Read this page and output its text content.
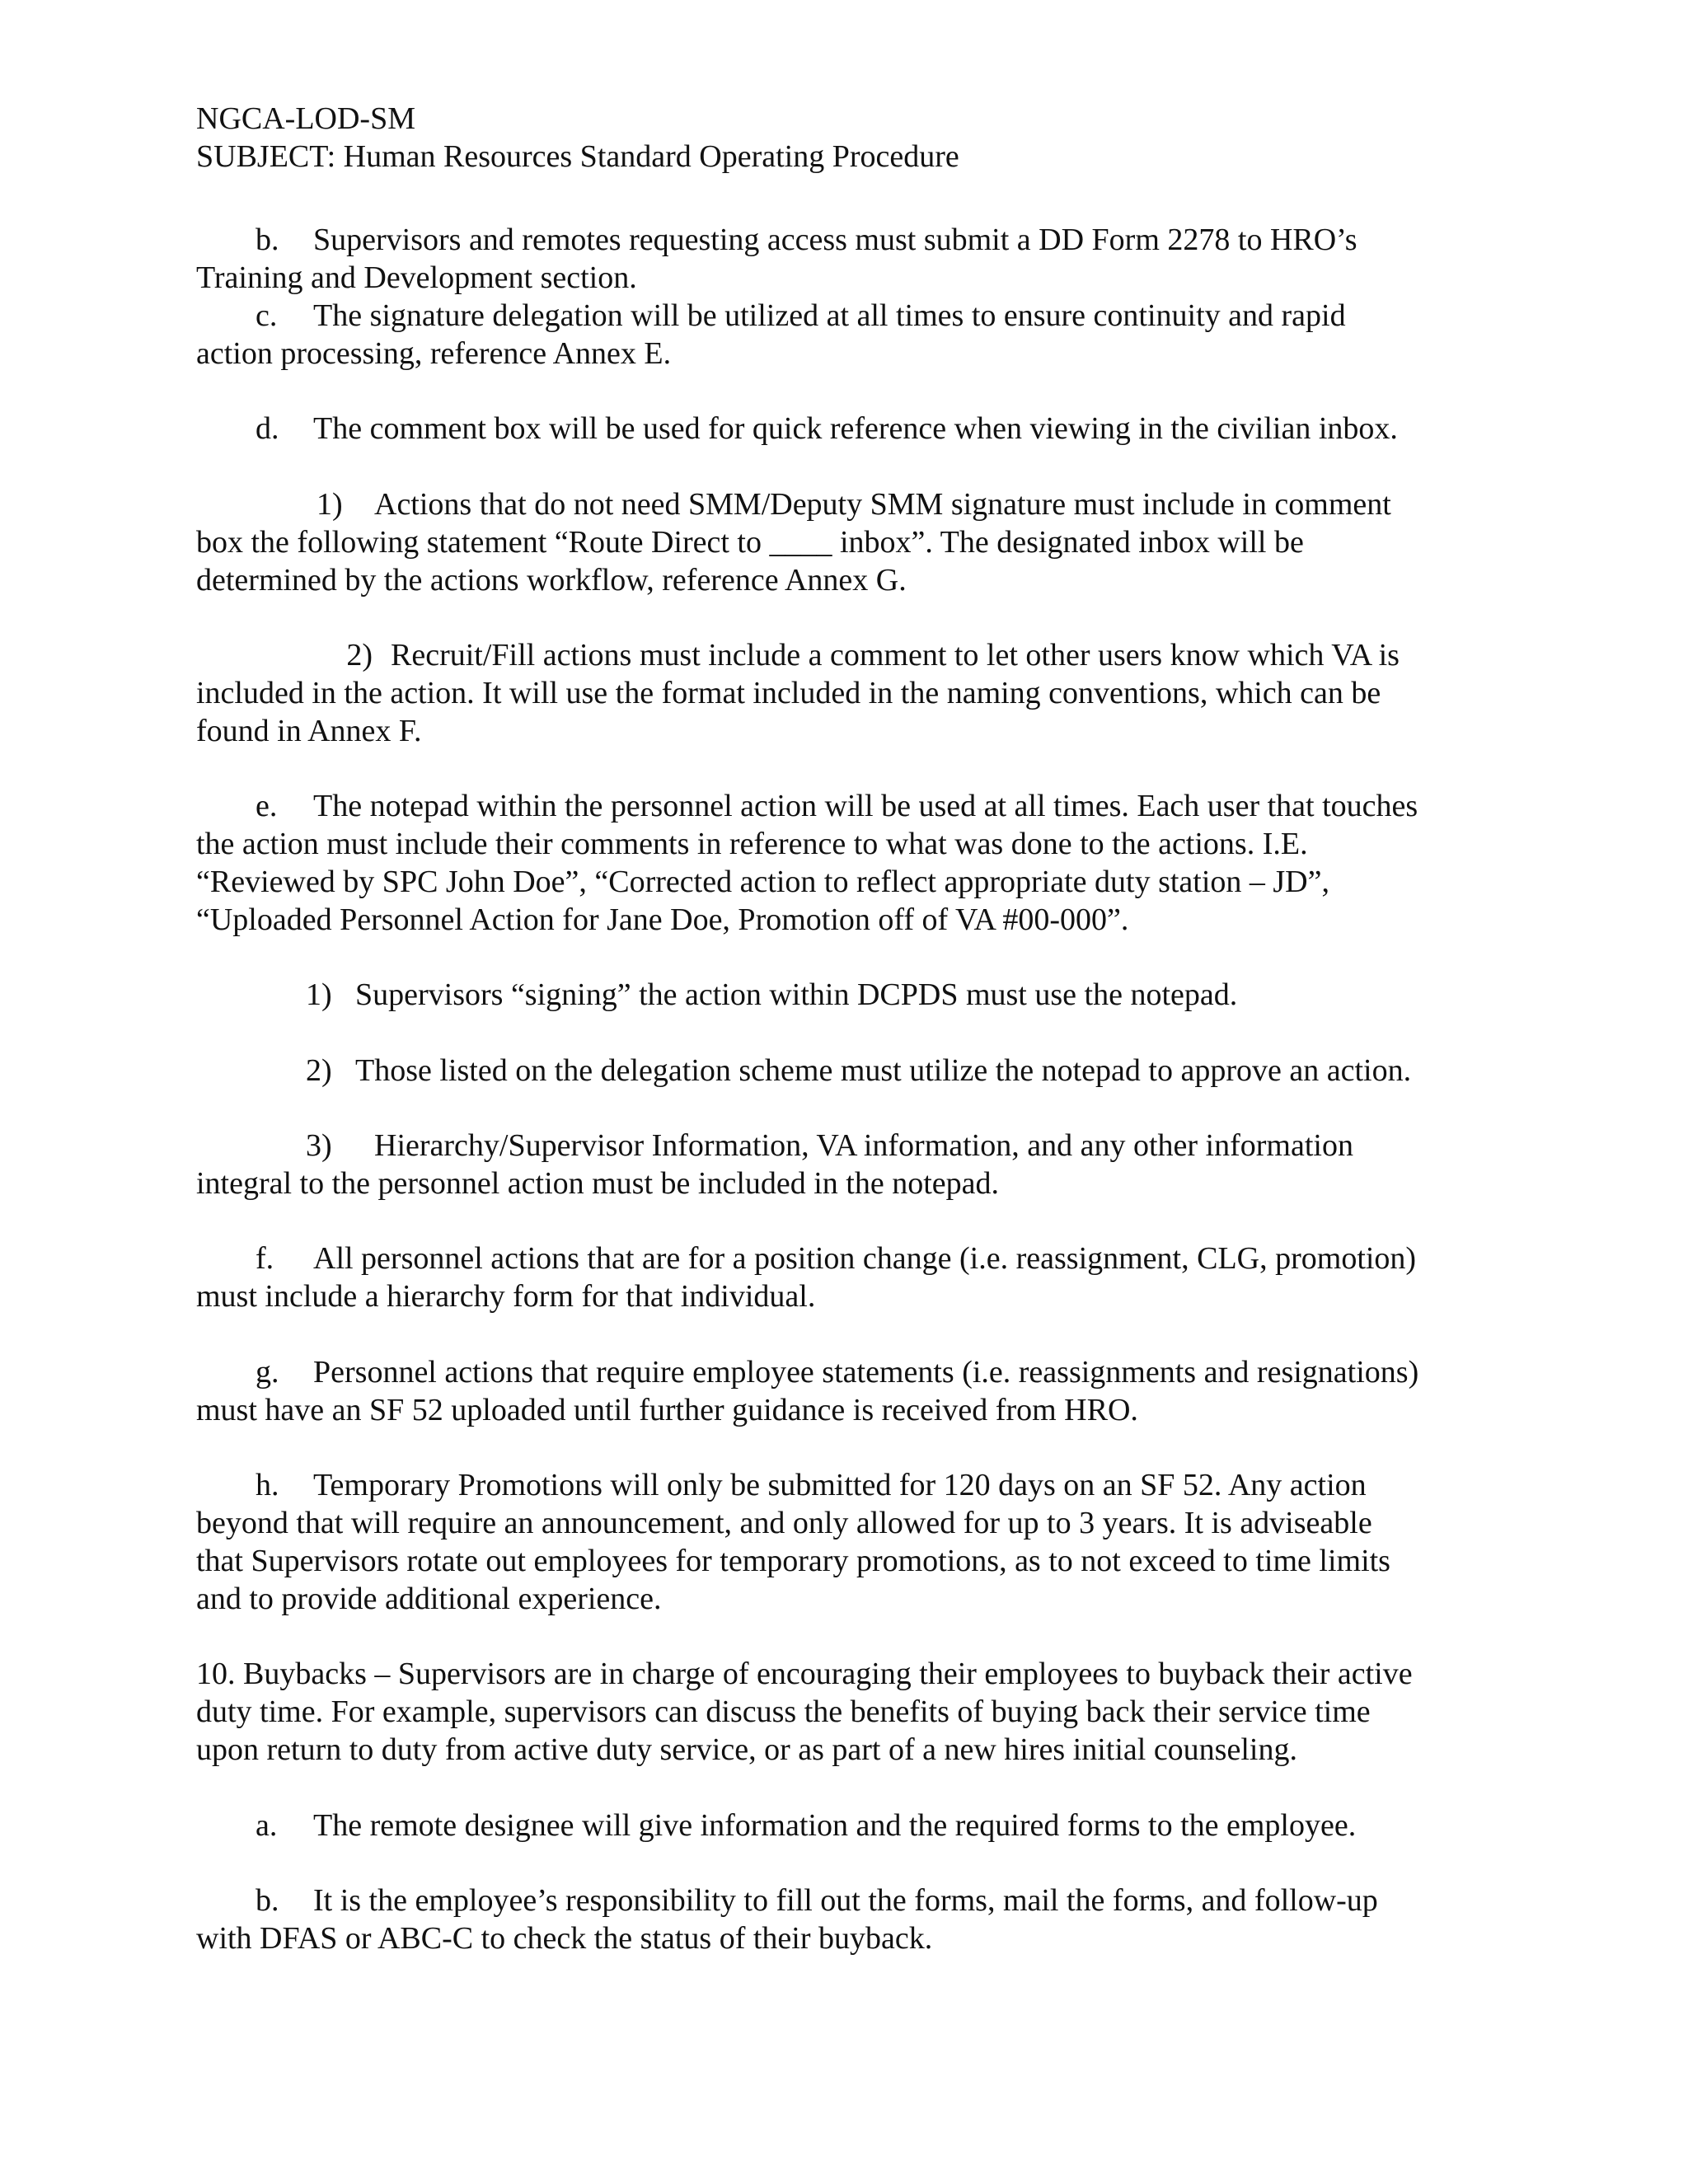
NGCA-LOD-SM

SUBJECT: Human Resources Standard Operating Procedure

b. Supervisors and remotes requesting access must submit a DD Form 2278 to HRO’s

Training and Development section.

c. The signature delegation will be utilized at all times to ensure continuity and rapid

action processing, reference Annex E.

d. The comment box will be used for quick reference when viewing in the civilian inbox.

1) Actions that do not need SMM/Deputy SMM signature must include in comment

box the following statement “Route Direct to ____ inbox”. The designated inbox will be

determined by the actions workflow, reference Annex G.

2) Recruit/Fill actions must include a comment to let other users know which VA is

included in the action. It will use the format included in the naming conventions, which can be

found in Annex F.

e. The notepad within the personnel action will be used at all times. Each user that touches

the action must include their comments in reference to what was done to the actions. I.E.

“Reviewed by SPC John Doe”, “Corrected action to reflect appropriate duty station – JD”,

“Uploaded Personnel Action for Jane Doe, Promotion off of VA #00-000”.

1) Supervisors “signing” the action within DCPDS must use the notepad.

2) Those listed on the delegation scheme must utilize the notepad to approve an action.

3) Hierarchy/Supervisor Information, VA information, and any other information

integral to the personnel action must be included in the notepad.

f. All personnel actions that are for a position change (i.e. reassignment, CLG, promotion)

must include a hierarchy form for that individual.

g. Personnel actions that require employee statements (i.e. reassignments and resignations)

must have an SF 52 uploaded until further guidance is received from HRO.

h. Temporary Promotions will only be submitted for 120 days on an SF 52. Any action

beyond that will require an announcement, and only allowed for up to 3 years. It is adviseable

that Supervisors rotate out employees for temporary promotions, as to not exceed to time limits

and to provide additional experience.

10. Buybacks – Supervisors are in charge of encouraging their employees to buyback their active

duty time. For example, supervisors can discuss the benefits of buying back their service time

upon return to duty from active duty service, or as part of a new hires initial counseling.

a. The remote designee will give information and the required forms to the employee.

b. It is the employee’s responsibility to fill out the forms, mail the forms, and follow-up

with DFAS or ABC-C to check the status of their buyback.
